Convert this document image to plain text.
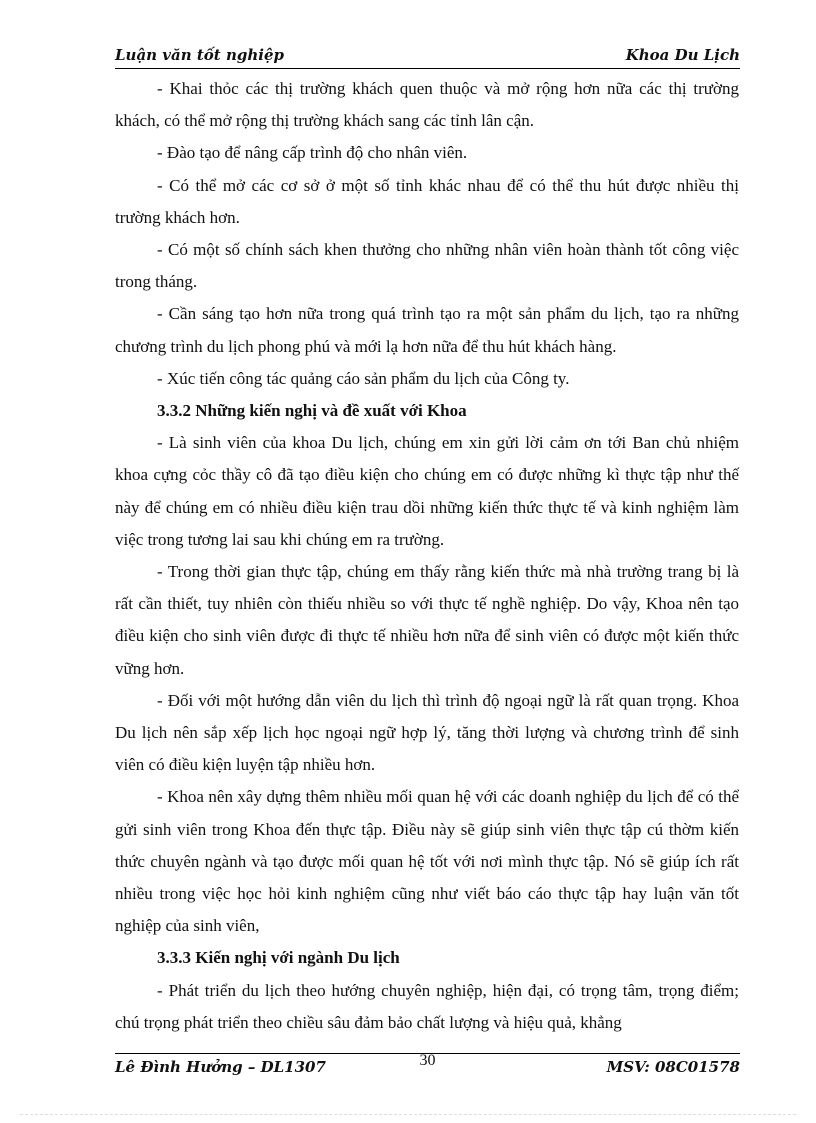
Luận văn tốt nghiệp	Khoa Du Lịch

- Khai thỏc các thị trường khách quen thuộc và mở rộng hơn nữa các thị trường khách, có thể mở rộng thị trường khách sang các tỉnh lân cận.

- Đào tạo để nâng cấp trình độ cho nhân viên.

- Có thể mở các cơ sở ở một số tỉnh khác nhau để có thể thu hút được nhiều thị trường khách hơn.

- Có một số chính sách khen thưởng cho những nhân viên hoàn thành tốt công việc trong tháng.

- Cần sáng tạo hơn nữa trong quá trình tạo ra một sản phẩm du lịch, tạo ra những chương trình du lịch phong phú và mới lạ hơn nữa để thu hút khách hàng.

- Xúc tiến công tác quảng cáo sản phẩm du lịch của Công ty.

3.3.2 Những kiến nghị và đề xuất với Khoa

- Là sinh viên của khoa Du lịch, chúng em xin gửi lời cảm ơn tới Ban chủ nhiệm khoa cựng cỏc thầy cô đã tạo điều kiện cho chúng em có được những kì thực tập như thế này để chúng em có nhiều điều kiện trau dồi những kiến thức thực tế và kinh nghiệm làm việc trong tương lai sau khi chúng em ra trường.

- Trong thời gian thực tập, chúng em thấy rằng kiến thức mà nhà trường trang bị là rất cần thiết, tuy nhiên còn thiếu nhiều so với thực tế nghề nghiệp. Do vậy, Khoa nên tạo điều kiện cho sinh viên được đi thực tế nhiều hơn nữa để sinh viên có được một kiến thức vững hơn.

- Đối với một hướng dẫn viên du lịch thì trình độ ngoại ngữ là rất quan trọng. Khoa Du lịch nên sắp xếp lịch học ngoại ngữ hợp lý, tăng thời lượng và chương trình để sinh viên có điều kiện luyện tập nhiều hơn.

- Khoa nên xây dựng thêm nhiều mối quan hệ với các doanh nghiệp du lịch để có thể gửi sinh viên trong Khoa đến thực tập. Điều này sẽ giúp sinh viên thực tập cú thờm kiến thức chuyên ngành và tạo được mối quan hệ tốt với nơi mình thực tập. Nó sẽ giúp ích rất nhiều trong việc học hỏi kinh nghiệm cũng như viết báo cáo thực tập hay luận văn tốt nghiệp của sinh viên,

3.3.3 Kiến nghị với ngành Du lịch

- Phát triển du lịch theo hướng chuyên nghiệp, hiện đại, có trọng tâm, trọng điểm; chú trọng phát triển theo chiều sâu đảm bảo chất lượng và hiệu quả, khẳng

Lê Đình Hưởng – DL1307	30	MSV: 08C01578
